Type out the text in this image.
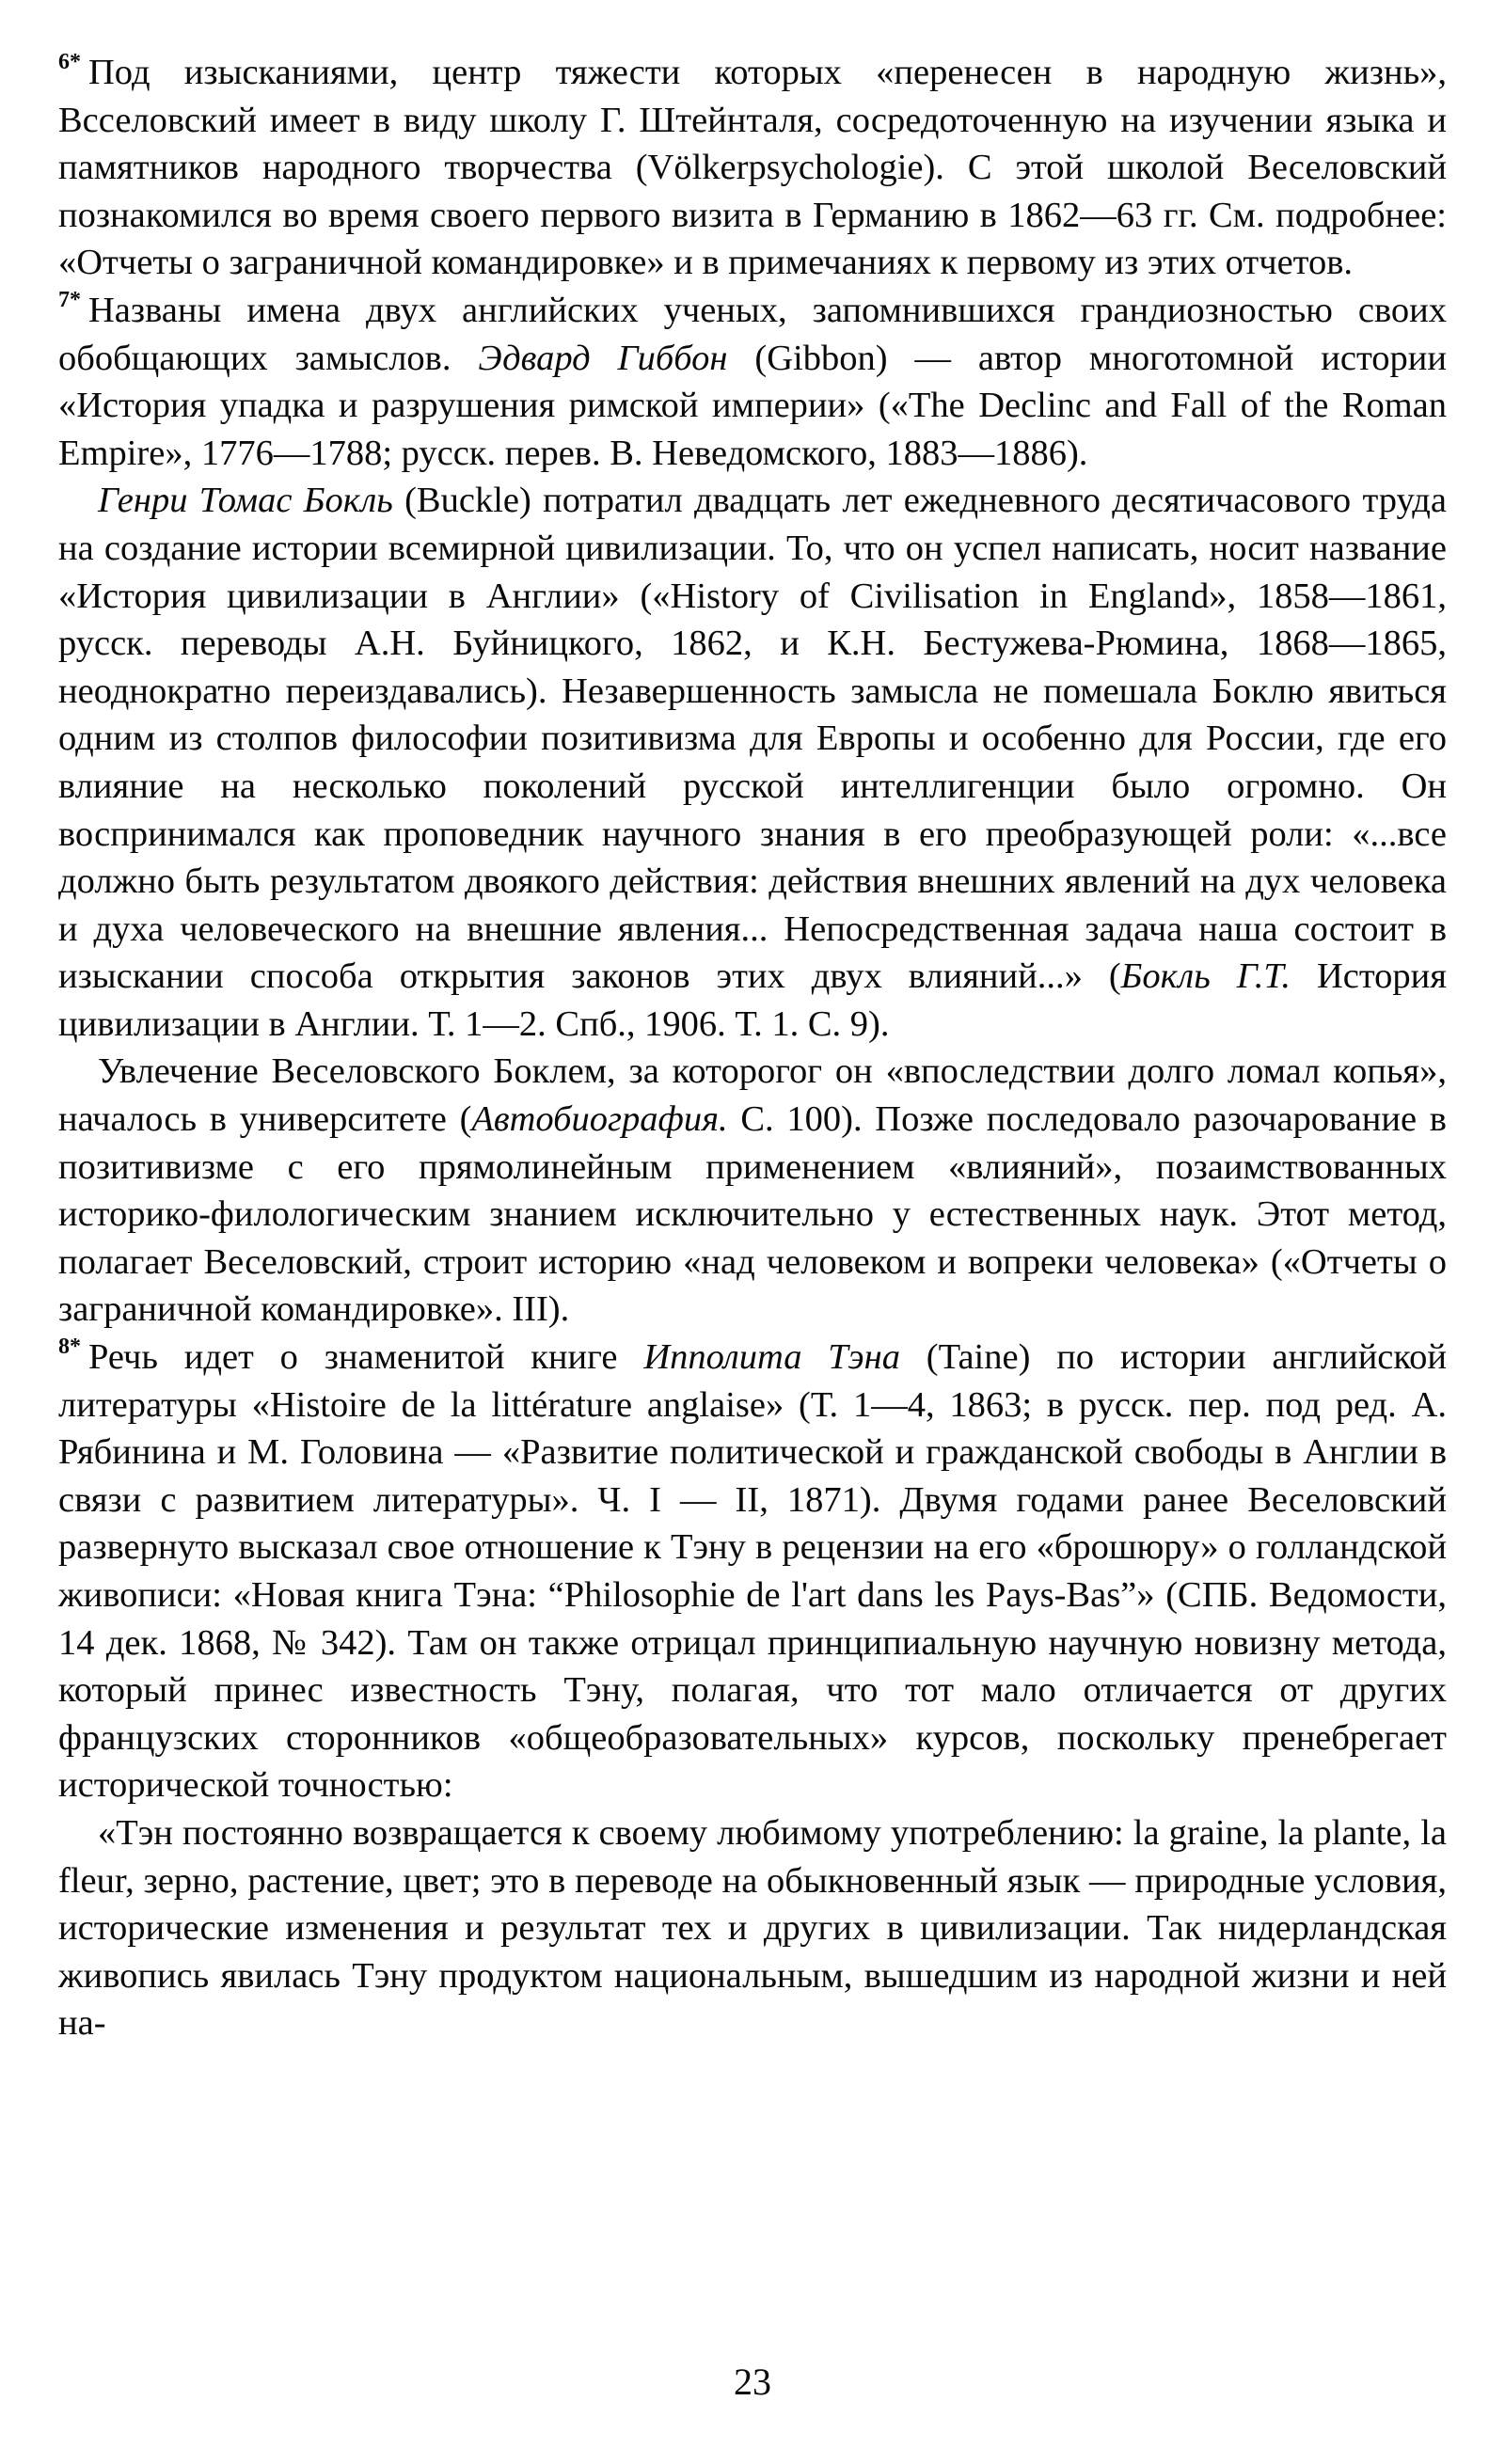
6* Под изысканиями, центр тяжести которых «перенесен в народную жизнь», Всселовский имеет в виду школу Г. Штейнталя, сосредоточенную на изучении языка и памятников народного творчества (Völkerpsychologie). С этой школой Веселовский познакомился во время своего первого визита в Германию в 1862—63 гг. См. подробнее: «Отчеты о заграничной командировке» и в примечаниях к первому из этих отчетов.

7* Названы имена двух английских ученых, запомнившихся грандиозностью своих обобщающих замыслов. Эдвард Гиббон (Gibbon) — автор многотомной истории «История упадка и разрушения римской империи» («The Declinc and Fall of the Roman Empire», 1776—1788; русск. перев. В. Неведомского, 1883—1886).

Генри Томас Бокль (Buckle) потратил двадцать лет ежедневного десятичасового труда на создание истории всемирной цивилизации. То, что он успел написать, носит название «История цивилизации в Англии» («History of Civilisation in England», 1858—1861, русск. переводы А.Н. Буйницкого, 1862, и К.Н. Бестужева-Рюмина, 1868—1865, неоднократно переиздавались). Незавершенность замысла не помешала Боклю явиться одним из столпов философии позитивизма для Европы и особенно для России, где его влияние на несколько поколений русской интеллигенции было огромно. Он воспринимался как проповедник научного знания в его преобразующей роли: «...все должно быть результатом двоякого действия: действия внешних явлений на дух человека и духа человеческого на внешние явления... Непосредственная задача наша состоит в изыскании способа открытия законов этих двух влияний...» (Бокль Г.Т. История цивилизации в Англии. Т. 1—2. Спб., 1906. Т. 1. С. 9).

Увлечение Веселовского Боклем, за которогог он «впоследствии долго ломал копья», началось в университете (Автобиография. С. 100). Позже последовало разочарование в позитивизме с его прямолинейным применением «влияний», позаимствованных историко-филологическим знанием исключительно у естественных наук. Этот метод, полагает Веселовский, строит историю «над человеком и вопреки человека» («Отчеты о заграничной командировке». III).

8* Речь идет о знаменитой книге Ипполита Тэна (Taine) по истории английской литературы «Histoire de la littérature anglaise» (Т. 1—4, 1863; в русск. пер. под ред. А. Рябинина и М. Головина — «Развитие политической и гражданской свободы в Англии в связи с развитием литературы». Ч. I — II, 1871). Двумя годами ранее Веселовский развернуто высказал свое отношение к Тэну в рецензии на его «брошюру» о голландской живописи: «Новая книга Тэна: “Philosophie de l'art dans les Pays-Bas”» (СПБ. Ведомости, 14 дек. 1868, № 342). Там он также отрицал принципиальную научную новизну метода, который принес известность Тэну, полагая, что тот мало отличается от других французских сторонников «общеобразовательных» курсов, поскольку пренебрегает исторической точностью:

«Тэн постоянно возвращается к своему любимому употреблению: la graine, la plante, la fleur, зерно, растение, цвет; это в переводе на обыкновенный язык — природные условия, исторические изменения и результат тех и других в цивилизации. Так нидерландская живопись явилась Тэну продуктом национальным, вышедшим из народной жизни и ней на-

23
